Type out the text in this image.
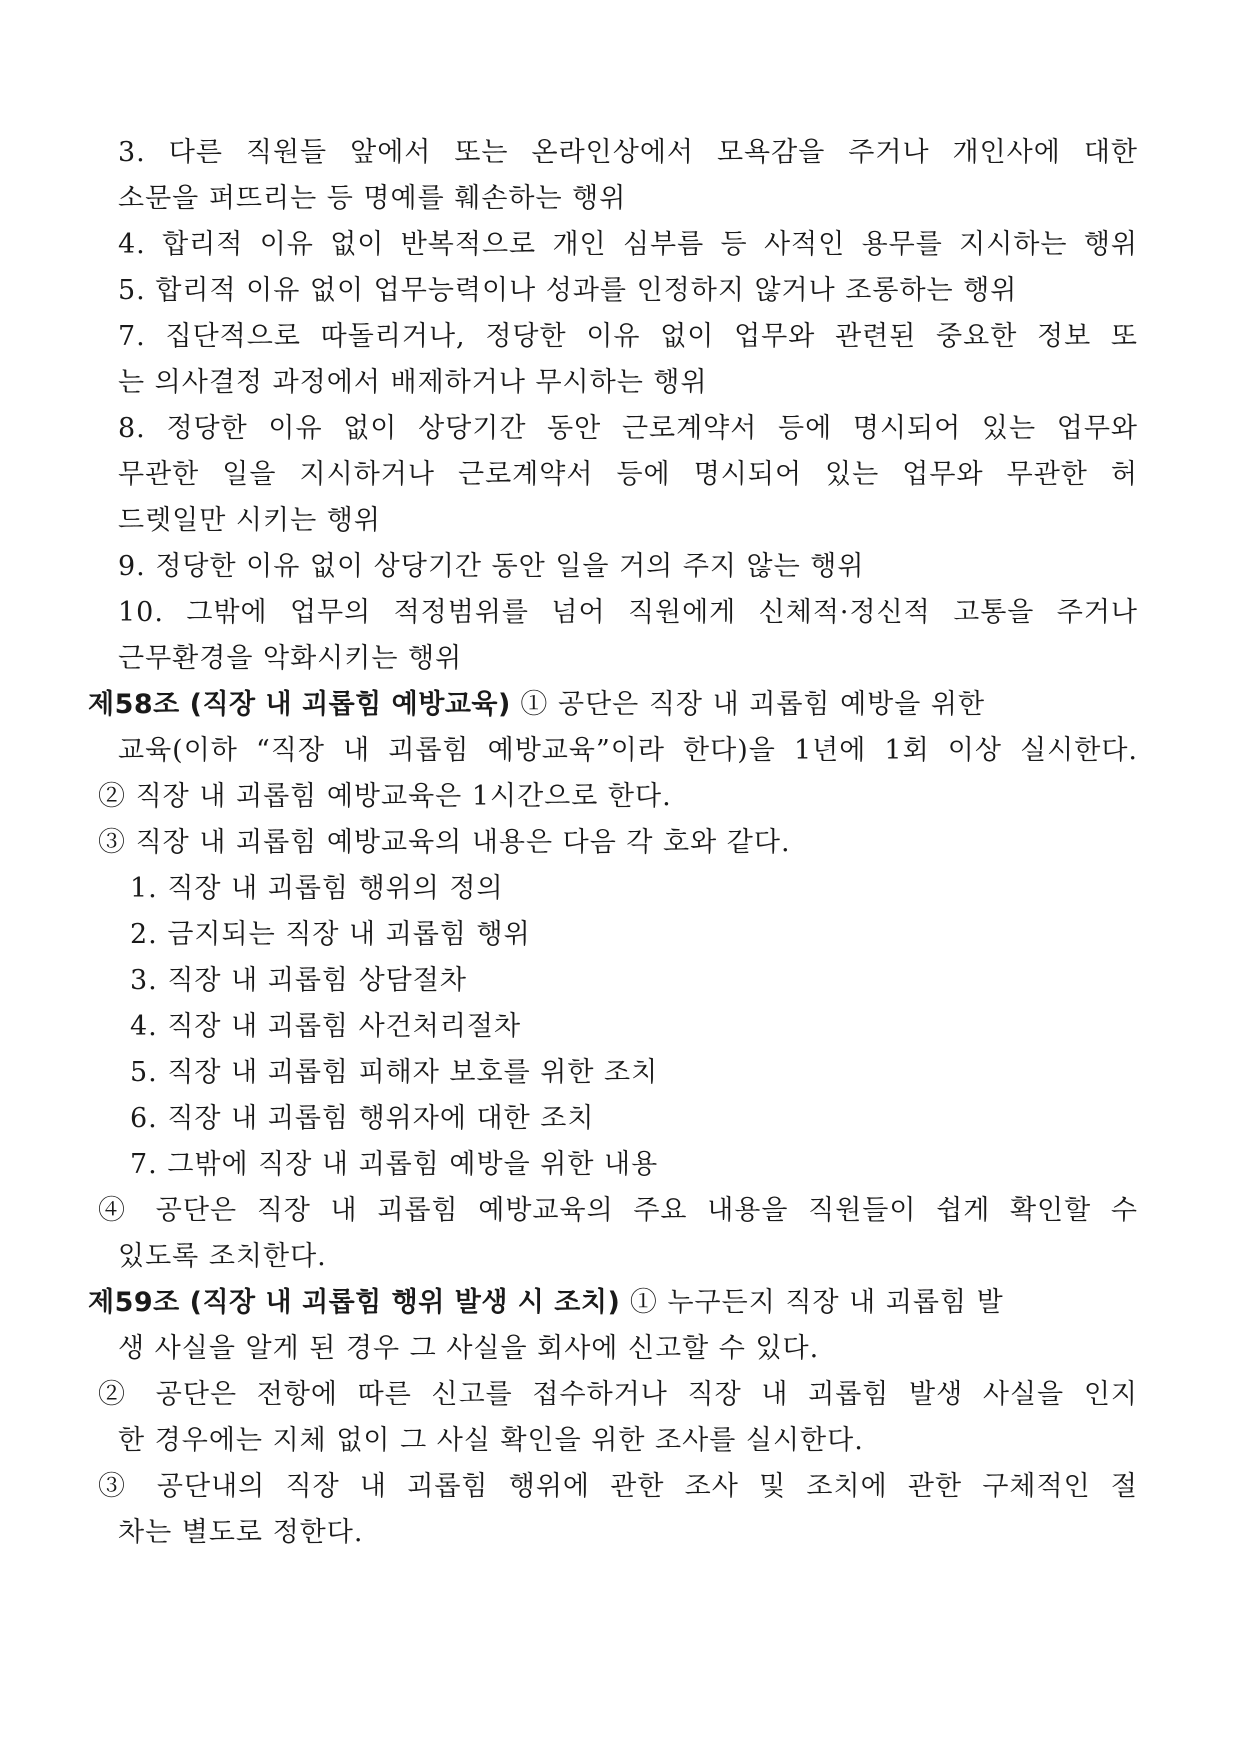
3. 다른 직원들 앞에서 또는 온라인상에서 모욕감을 주거나 개인사에 대한
소문을 퍼뜨리는 등 명예를 훼손하는 행위
4. 합리적 이유 없이 반복적으로 개인 심부름 등 사적인 용무를 지시하는 행위
5. 합리적 이유 없이 업무능력이나 성과를 인정하지 않거나 조롱하는 행위
7. 집단적으로 따돌리거나, 정당한 이유 없이 업무와 관련된 중요한 정보 또
는 의사결정 과정에서 배제하거나 무시하는 행위
8. 정당한 이유 없이 상당기간 동안 근로계약서 등에 명시되어 있는 업무와
무관한 일을 지시하거나 근로계약서 등에 명시되어 있는 업무와 무관한 허
드렛일만 시키는 행위
9. 정당한 이유 없이 상당기간 동안 일을 거의 주지 않는 행위
10. 그밖에 업무의 적정범위를 넘어 직원에게 신체적·정신적 고통을 주거나
근무환경을 악화시키는 행위
제58조 (직장 내 괴롭힘 예방교육) ① 공단은 직장 내 괴롭힘 예방을 위한
교육(이하 “직장 내 괴롭힘 예방교육”이라 한다)을 1년에 1회 이상 실시한다.
② 직장 내 괴롭힘 예방교육은 1시간으로 한다.
③ 직장 내 괴롭힘 예방교육의 내용은 다음 각 호와 같다.
1. 직장 내 괴롭힘 행위의 정의
2. 금지되는 직장 내 괴롭힘 행위
3. 직장 내 괴롭힘 상담절차
4. 직장 내 괴롭힘 사건처리절차
5. 직장 내 괴롭힘 피해자 보호를 위한 조치
6. 직장 내 괴롭힘 행위자에 대한 조치
7. 그밖에 직장 내 괴롭힘 예방을 위한 내용
④ 공단은 직장 내 괴롭힘 예방교육의 주요 내용을 직원들이 쉽게 확인할 수
있도록 조치한다.
제59조 (직장 내 괴롭힘 행위 발생 시 조치) ① 누구든지 직장 내 괴롭힘 발
생 사실을 알게 된 경우 그 사실을 회사에 신고할 수 있다.
② 공단은 전항에 따른 신고를 접수하거나 직장 내 괴롭힘 발생 사실을 인지
한 경우에는 지체 없이 그 사실 확인을 위한 조사를 실시한다.
③ 공단내의 직장 내 괴롭힘 행위에 관한 조사 및 조치에 관한 구체적인 절
차는 별도로 정한다.
